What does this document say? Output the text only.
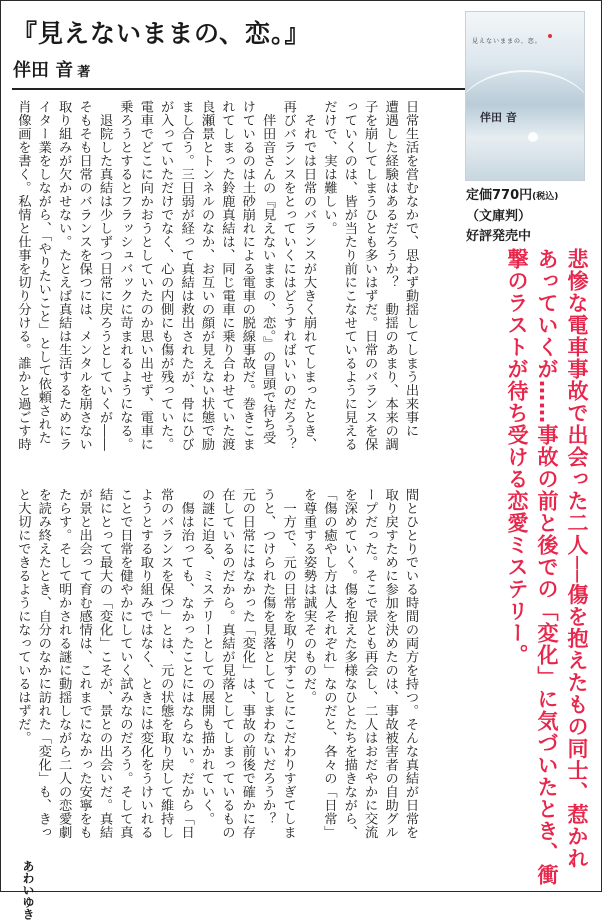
『見えないままの、恋。』
伴田 音 著
見えないままの、恋。
伴田 音
定価770円(税込)
（文庫判）
好評発売中
悲惨な電車事故で出会った二人──傷を抱えたもの同士、惹かれ
あっていくが……事故の前と後での「変化」に気づいたとき、衝
撃のラストが待ち受ける恋愛ミステリー。
日常生活を営むなかで、思わず動揺してしまう出来事に
遭遇した経験はあるだろうか？　動揺のあまり、本来の調
子を崩してしまうひとも多いはずだ。日常のバランスを保
っていくのは、皆が当たり前にこなせているように見える
だけで、実は難しい。
　それでは日常のバランスが大きく崩れてしまったとき、
再びバランスをとっていくにはどうすればいいのだろう？
　伴田音さんの『見えないままの、恋。』の冒頭で待ち受
けているのは土砂崩れによる電車の脱線事故だ。巻きこま
れてしまった鈴鹿真結は、同じ電車に乗り合わせていた渡
良瀬景とトンネルのなか、お互いの顔が見えない状態で励
まし合う。三日弱が経って真結は救出されたが、骨にひび
が入っていただけでなく、心の内側にも傷が残っていた。
電車でどこに向かおうとしていたのか思い出せず、電車に
乗ろうとするとフラッシュバックに苛まれるようになる。
　退院した真結は少しずつ日常に戻ろうとしていくが――
そもそも日常のバランスを保つには、メンタルを崩さない
取り組みが欠かせない。たとえば真結は生活するためにラ
イター業をしながら、「やりたいこと」として依頼された
肖像画を書く。私情と仕事を切り分ける。誰かと過ごす時
間とひとりでいる時間の両方を持つ。そんな真結が日常を
取り戻すために参加を決めたのは、事故被害者の自助グル
ープだった。そこで景とも再会し、二人はおだやかに交流
を深めていく。傷を抱えた多様なひとたちを描きながら、
「傷の癒やし方は人それぞれ」なのだと、各々の「日常」
を尊重する姿勢は誠実そのものだ。
　一方で、元の日常を取り戻すことにこだわりすぎてしま
うと、つけられた傷を見落としてしまわないだろうか？
元の日常にはなかった「変化」は、事故の前後で確かに存
在しているのだから。真結が見落としてしまっているもの
の謎に迫る、ミステリーとしての展開も描かれていく。
　傷は治っても、なかったことにはならない。だから「日
常のバランスを保つ」とは、元の状態を取り戻して維持し
ようとする取り組みではなく、ときには変化をうけいれる
ことで日常を健やかにしていく試みなのだろう。そして真
結にとって最大の「変化」こそが、景との出会いだ。真結
が景と出会って育む感情は、これまでになかった安寧をも
たらす。そして明かされる謎に動揺しながら二人の恋愛劇
を読み終えたとき、自分のなかに訪れた「変化」も、きっ
と大切にできるようになっているはずだ。
あわいゆき
